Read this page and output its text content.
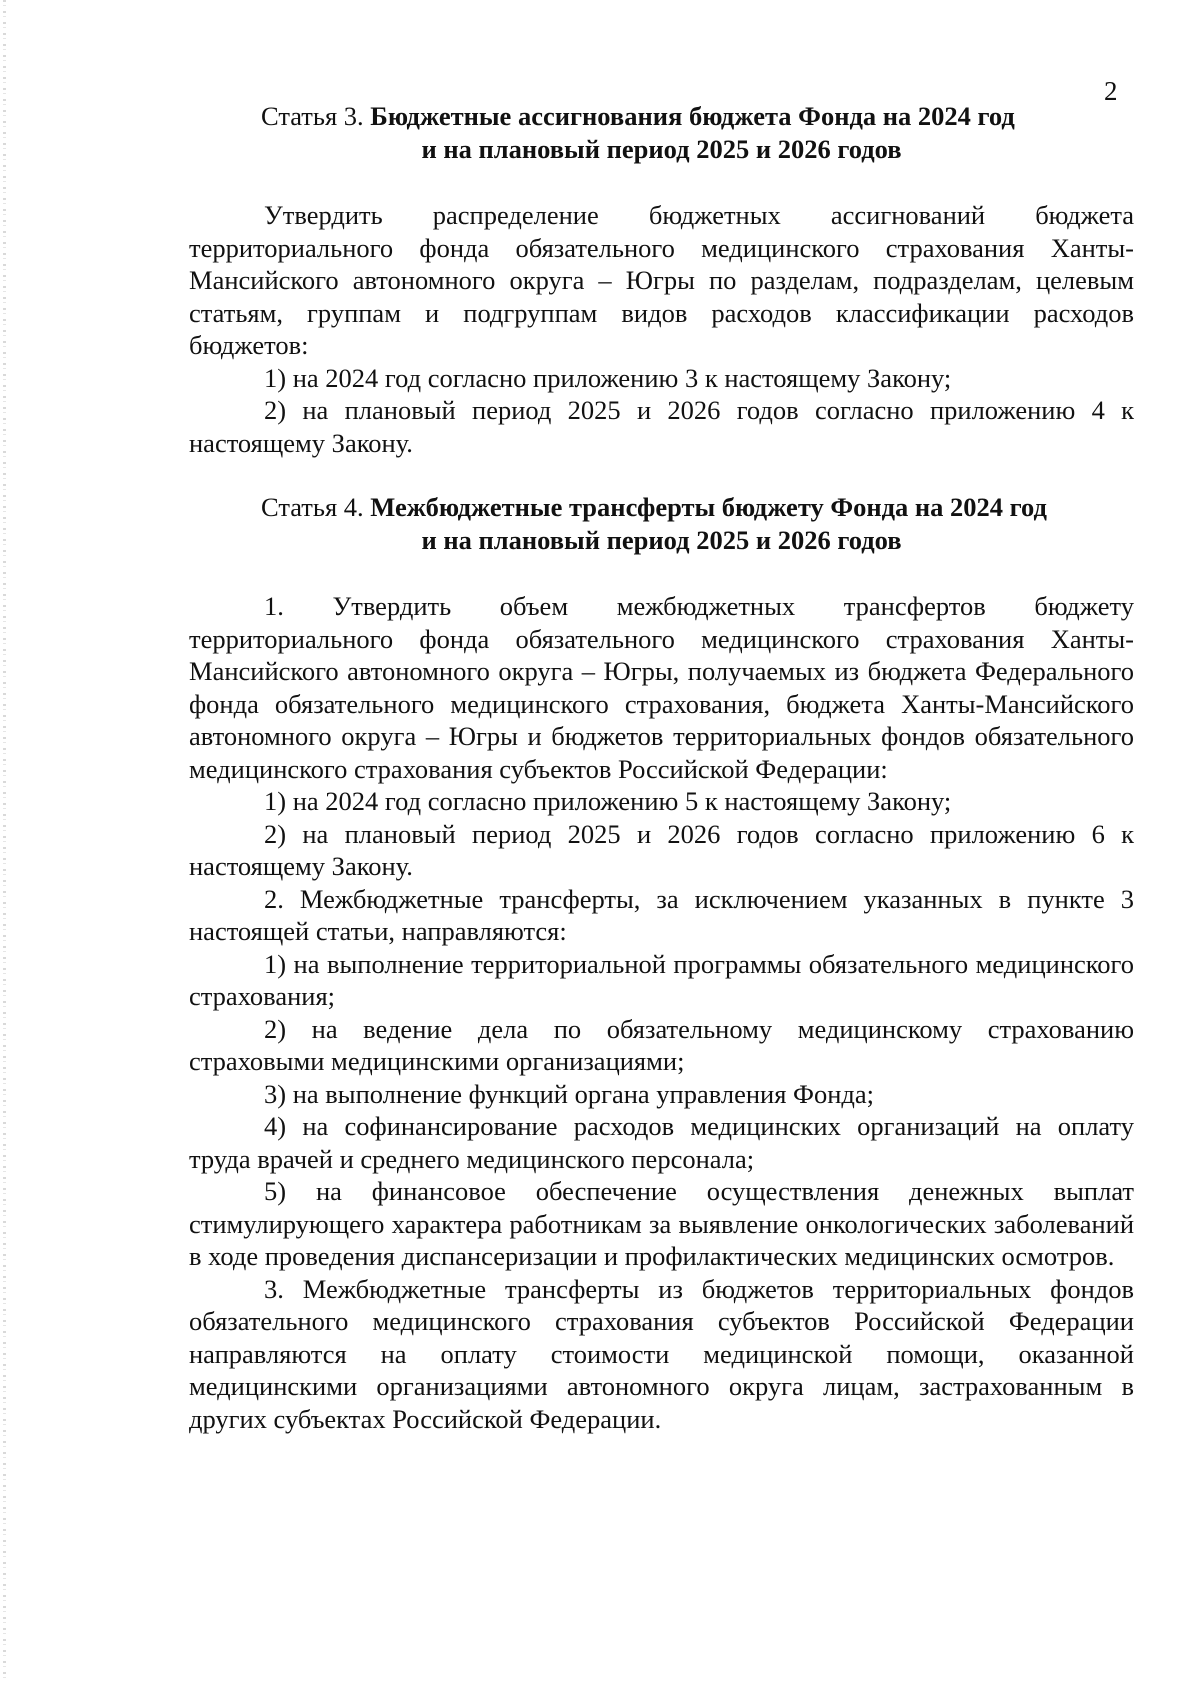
2
Статья 3. Бюджетные ассигнования бюджета Фонда на 2024 год
и на плановый период 2025 и 2026 годов

Утвердить распределение бюджетных ассигнований бюджета территориального фонда обязательного медицинского страхования Ханты-Мансийского автономного округа – Югры по разделам, подразделам, целевым статьям, группам и подгруппам видов расходов классификации расходов бюджетов:

1) на 2024 год согласно приложению 3 к настоящему Закону;

2) на плановый период 2025 и 2026 годов согласно приложению 4 к настоящему Закону.

Статья 4. Межбюджетные трансферты бюджету Фонда на 2024 год
и на плановый период 2025 и 2026 годов

1. Утвердить объем межбюджетных трансфертов бюджету территориального фонда обязательного медицинского страхования Ханты-Мансийского автономного округа – Югры, получаемых из бюджета Федерального фонда обязательного медицинского страхования, бюджета Ханты-Мансийского автономного округа – Югры и бюджетов территориальных фондов обязательного медицинского страхования субъектов Российской Федерации:

1) на 2024 год согласно приложению 5 к настоящему Закону;

2) на плановый период 2025 и 2026 годов согласно приложению 6 к настоящему Закону.

2. Межбюджетные трансферты, за исключением указанных в пункте 3 настоящей статьи, направляются:

1) на выполнение территориальной программы обязательного медицинского страхования;

2) на ведение дела по обязательному медицинскому страхованию страховыми медицинскими организациями;

3) на выполнение функций органа управления Фонда;

4) на софинансирование расходов медицинских организаций на оплату труда врачей и среднего медицинского персонала;

5) на финансовое обеспечение осуществления денежных выплат стимулирующего характера работникам за выявление онкологических заболеваний в ходе проведения диспансеризации и профилактических медицинских осмотров.

3. Межбюджетные трансферты из бюджетов территориальных фондов обязательного медицинского страхования субъектов Российской Федерации направляются на оплату стоимости медицинской помощи, оказанной медицинскими организациями автономного округа лицам, застрахованным в других субъектах Российской Федерации.
